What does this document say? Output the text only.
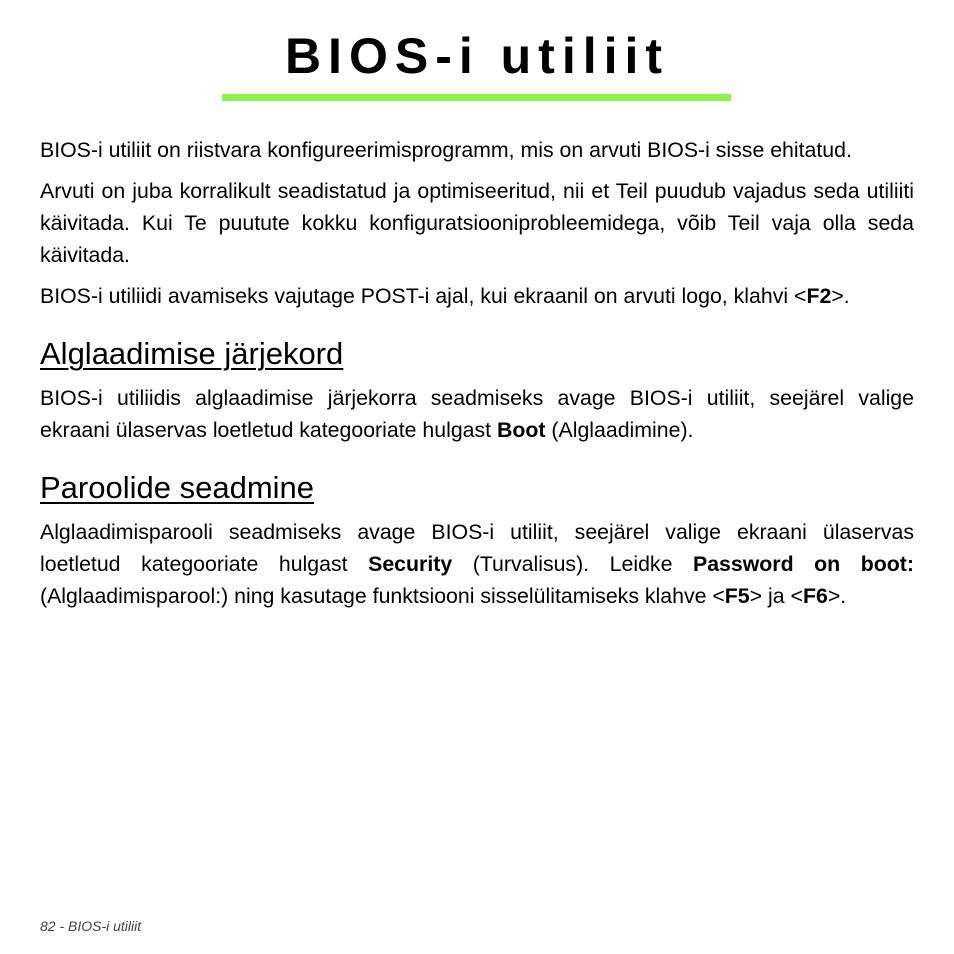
BIOS-i utiliit

BIOS-i utiliit on riistvara konfigureerimisprogramm, mis on arvuti BIOS-i sisse ehitatud.

Arvuti on juba korralikult seadistatud ja optimiseeritud, nii et Teil puudub vajadus seda utiliiti käivitada. Kui Te puutute kokku konfiguratsiooniprobleemidega, võib Teil vaja olla seda käivitada.

BIOS-i utiliidi avamiseks vajutage POST-i ajal, kui ekraanil on arvuti logo, klahvi <F2>.

Alglaadimise järjekord

BIOS-i utiliidis alglaadimise järjekorra seadmiseks avage BIOS-i utiliit, seejärel valige ekraani ülaservas loetletud kategooriate hulgast Boot (Alglaadimine).

Paroolide seadmine

Alglaadimisparooli seadmiseks avage BIOS-i utiliit, seejärel valige ekraani ülaservas loetletud kategooriate hulgast Security (Turvalisus). Leidke Password on boot: (Alglaadimisparool:) ning kasutage funktsiooni sisselülitamiseks klahve <F5> ja <F6>.

82 - BIOS-i utiliit
